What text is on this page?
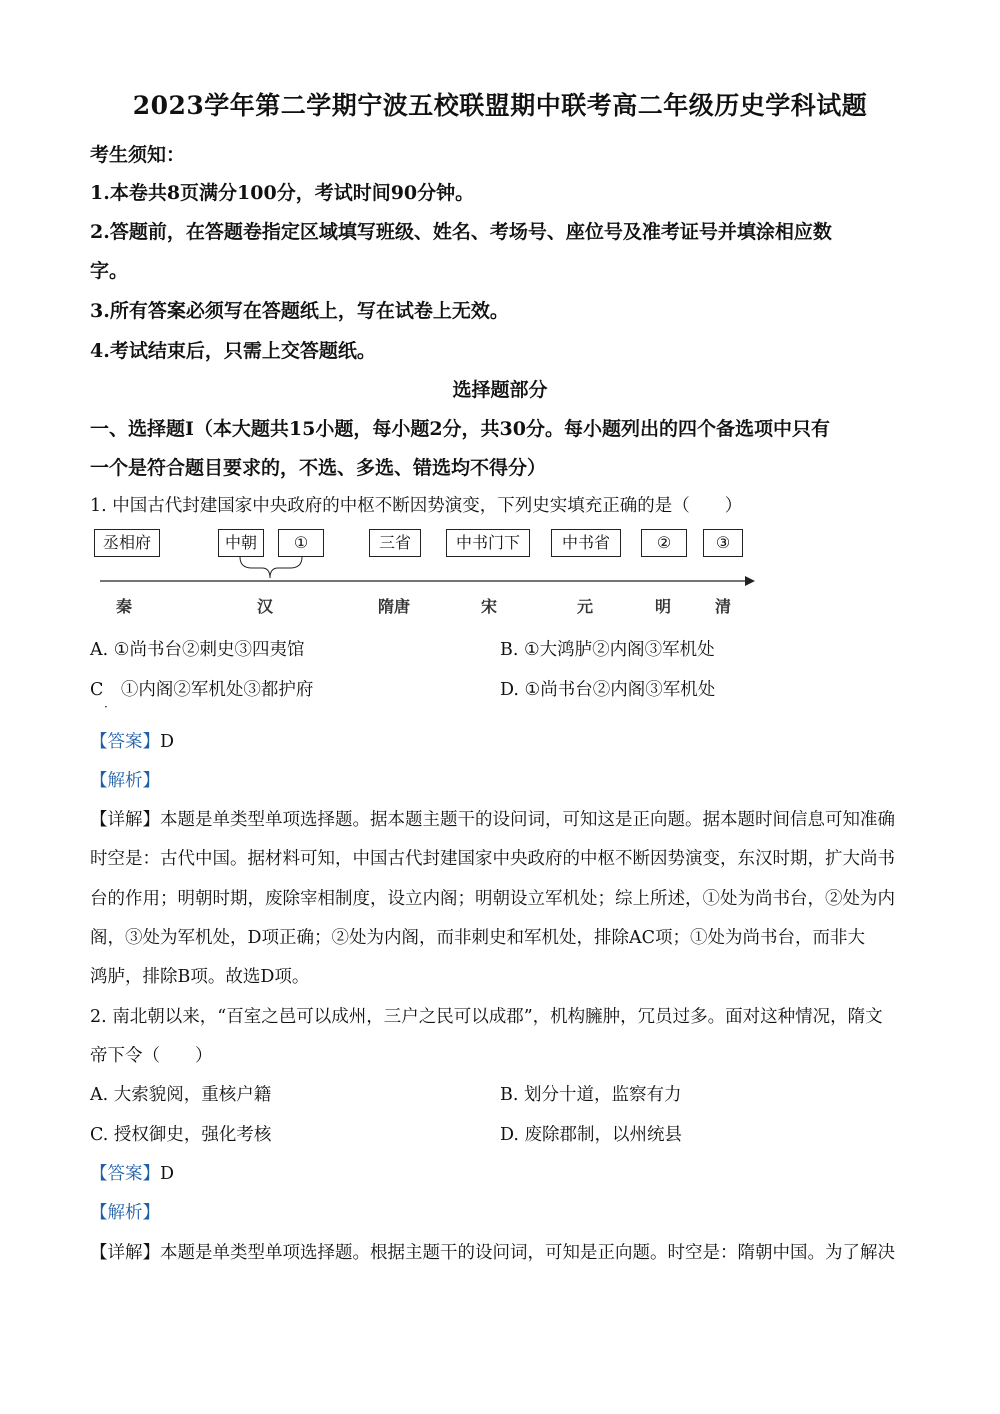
2023学年第二学期宁波五校联盟期中联考高二年级历史学科试题
考生须知：
1.本卷共8页满分100分，考试时间90分钟。
2.答题前，在答题卷指定区域填写班级、姓名、考场号、座位号及准考证号并填涂相应数
字。
3.所有答案必须写在答题纸上，写在试卷上无效。
4.考试结束后，只需上交答题纸。
选择题部分
一、选择题Ⅰ（本大题共15小题，每小题2分，共30分。每小题列出的四个备选项中只有
一个是符合题目要求的，不选、多选、错选均不得分）
1. 中国古代封建国家中央政府的中枢不断因势演变，下列史实填充正确的是（　　）
丞相府	中朝	①	三省	中书门下	中书省	②	③
秦	汉	隋唐	宋	元	明	清
A. ①尚书台②刺史③四夷馆	B. ①大鸿胪②内阁③军机处
C　①内阁②军机处③都护府	D. ①尚书台②内阁③军机处
·
【答案】D
【解析】
【详解】本题是单类型单项选择题。据本题主题干的设问词，可知这是正向题。据本题时间信息可知准确
时空是：古代中国。据材料可知，中国古代封建国家中央政府的中枢不断因势演变，东汉时期，扩大尚书
台的作用；明朝时期，废除宰相制度，设立内阁；明朝设立军机处；综上所述，①处为尚书台，②处为内
阁，③处为军机处，D项正确；②处为内阁，而非刺史和军机处，排除AC项；①处为尚书台，而非大
鸿胪，排除B项。故选D项。
2. 南北朝以来，“百室之邑可以成州，三户之民可以成郡”，机构臃肿，冗员过多。面对这种情况，隋文
帝下令（　　）
A. 大索貌阅，重核户籍	B. 划分十道，监察有力
C. 授权御史，强化考核	D. 废除郡制，以州统县
【答案】D
【解析】
【详解】本题是单类型单项选择题。根据主题干的设问词，可知是正向题。时空是：隋朝中国。为了解决
